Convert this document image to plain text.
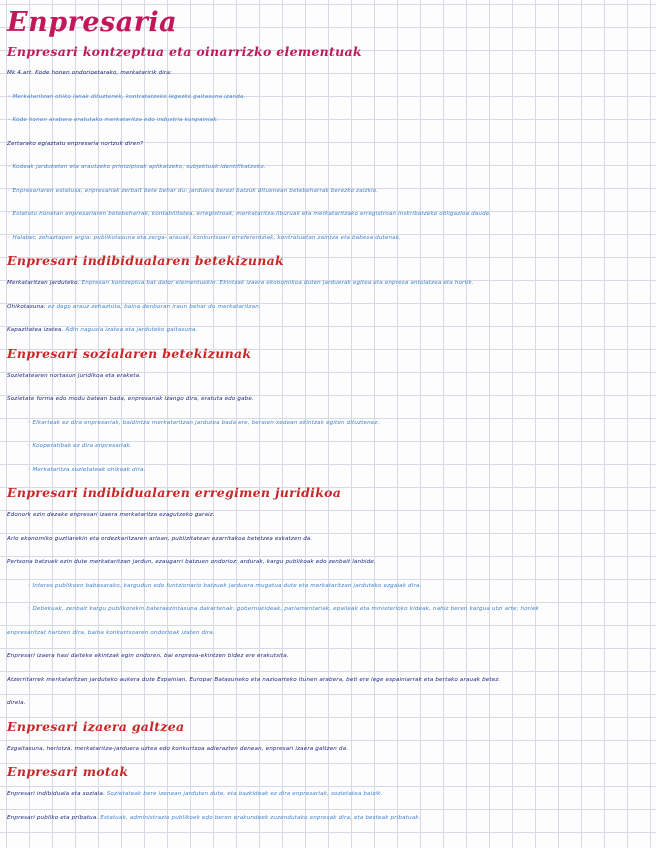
Enpresaria
Enpresari kontzeptua eta oinarrizko elementuak

Mk 4.art. Kode honen ondorioetarako, merkataririk dira:

◦ Merkataritzan ohiko lanak dituztenek, kontratatzeko legezko gaitasuna izanda.

◦ Kode honen arabera eratutako merkataritza edo industria konpainiak.

Zertarako egiaztatu enpresaria nortzuk diren?

◦ Kodeak jarduketen eta arautzeko printzipioak aplikatzeko, subjektuak identifikatzeko.

◦ Enpresariaren estatusa, enpresariak zerbait bete behar du: jarduera berezi batzuk dituenean betebeharrak berezko zaizkio.

◦ Estatutu honetan enpresariaren betebeharrak, kontabilitatea, erregistroak, merkataritza-liburuak eta merkataritzako erregistroan inskribatzeko obligazioa daude.

◦ Halaber, zehaztapen argia: publikotasuna eta zerga- arauak, konkurtsoari erreferentziak, kontratuetan zaintza eta babesa dutenak.

Enpresari indibidualaren betekizunak

Merkataritzan jarduteko. Enpresari kontzeptua bat dator elementuekin. Ekintzak izaera ekonomikoa duten jarduerak egitea eta enpresa antolatzea eta hortik.

Ohikotasuna: ez dago arauz zehaztuta, baina denboran iraun behar du merkataritzan.

Kapazitatea izatea. Adin nagusia izatea eta jarduteko gaitasuna.

Enpresari sozialaren betekizunak

Sozietatearen nortasun juridikoa eta eraketa.

Sozietate forma edo modu batean bada, enpresariak izango dira, eratuta edo gabe.

◦ Elkarteak ez dira enpresariak, baldintza merkataritzan jardutea bada ere, beraien xedean ekintzak egiten dituztenez.

◦ Kooperatibak ez dira enpresariak.

◦ Merkataritza sozietateak ohikoak dira.

Enpresari indibidualaren erregimen juridikoa

Edonork ezin dezake enpresari izaera merkataritza ezagutzeko garaiz.

Arlo ekonomiko guztiarekin eta ordezkaritzaren arloan, publizitatean ezarritakoa betetzea eskatzen da.

Pertsona batzuek ezin dute merkataritzan jardun, ezaugarri batzuen ondorioz: ardurak, kargu publikoak edo zenbait lanbide.

◦ Interes publikoen babesarako, kargudun edo funtzionario batzuek jarduera mugatua dute eta merkataritzan jarduteko ezgaiak dira.

◦ Debekuak, zenbait kargu publikorekin bateraezintasuna dakartenak: gobernukideak, parlamentariak, epaileak eta ministerioko kideak, nahiz beren kargua utzi arte; horiek

enpresaritzat hartzen dira, baina konkurtsoaren ondorioak izaten dira.

Enpresari izaera hasi daiteke ekintzak egin ondoren, bai enpresa-ekintzen bidez ere erakutsita.

Atzerritarrek merkataritzan jarduteko aukera dute Espainian, Europar Batasuneko eta nazioarteko itunen arabera, beti ere lege espainiarrak eta bertako arauak betez.

direla.

Enpresari izaera galtzea

Ezgaitasuna, heriotza, merkataritza-jarduera uztea edo konkurtsoa adierazten denean, enpresari izaera galtzen da.

Enpresari motak

Enpresari indibiduala eta soziala. Sozietateak bere izenean jarduten dute, eta bazkideak ez dira enpresariak, sozietatea baizik.

Enpresari publiko eta pribatua. Estatuak, administrazio publikoek edo beren erakundeek zuzendutako enpresak dira, eta besteak pribatuak.
